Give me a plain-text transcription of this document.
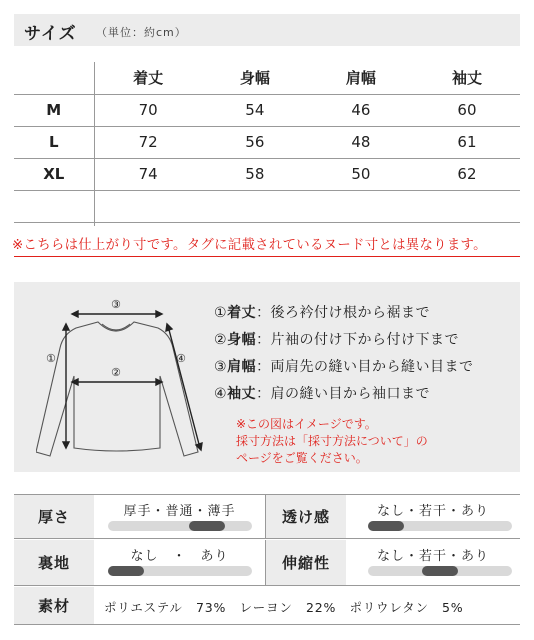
サイズ （単位：約cm）
	着丈	身幅	肩幅	袖丈
M	70	54	46	60
L	72	56	48	61
XL	74	58	50	62

※こちらは仕上がり寸です。タグに記載されているヌード寸とは異なります。
③
②
①	④
①着丈：後ろ衿付け根から裾まで
②身幅：片袖の付け下から付け下まで
③肩幅：両肩先の縫い目から縫い目まで
④袖丈：肩の縫い目から袖口まで
※この図はイメージです。
採寸方法は「採寸方法について」の
ページをご覧ください。
厚さ	厚手・普通・薄手	透け感	なし・若干・あり
裏地	なし　・　あり	伸縮性	なし・若干・あり
素材	ポリエステル　73%　レーヨン　22%　ポリウレタン　5%
